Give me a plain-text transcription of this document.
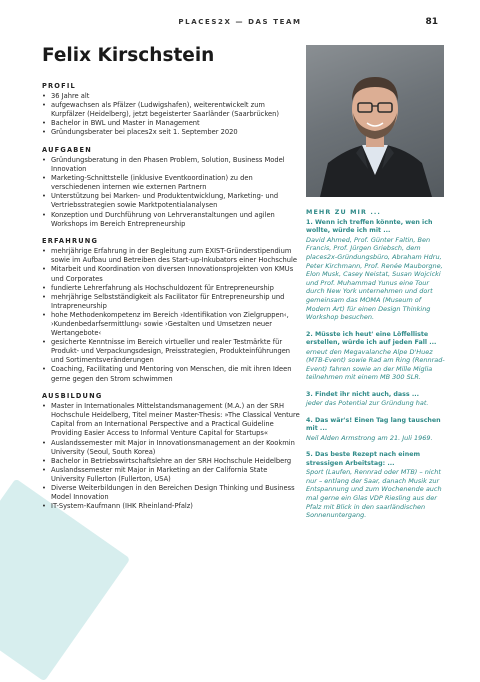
PLACES2X — DAS TEAM	81
Felix Kirschstein
PROFIL
• 36 Jahre alt
• aufgewachsen als Pfälzer (Ludwigshafen), weiterentwickelt zum Kurpfälzer (Heidelberg), jetzt begeisterter Saarländer (Saarbrücken)
• Bachelor in BWL und Master in Management
• Gründungsberater bei places2x seit 1. September 2020
AUFGABEN
• Gründungsberatung in den Phasen Problem, Solution, Business Model Innovation
• Marketing-Schnittstelle (inklusive Eventkoordination) zu den verschiedenen internen wie externen Partnern
• Unterstützung bei Marken- und Produktentwicklung, Marketing- und Vertriebsstrategien sowie Marktpotentialanalysen
• Konzeption und Durchführung von Lehrveranstaltungen und agilen Workshops im Bereich Entrepreneurship
ERFAHRUNG
• mehrjährige Erfahrung in der Begleitung zum EXIST-Gründerstipendium sowie im Aufbau und Betreiben des Start-up-Inkubators einer Hochschule
• Mitarbeit und Koordination von diversen Innovationsprojekten von KMUs und Corporates
• fundierte Lehrerfahrung als Hochschuldozent für Entrepreneurship
• mehrjährige Selbstständigkeit als Facilitator für Entrepreneurship und Intrapreneurship
• hohe Methodenkompetenz im Bereich ›Identifikation von Zielgruppen‹, ›Kundenbedarfsermittlung‹ sowie ›Gestalten und Umsetzen neuer Wertangebote‹
• gesicherte Kenntnisse im Bereich virtueller und realer Testmärkte für Produkt- und Verpackungsdesign, Preisstrategien, Produkteinführungen und Sortimentsveränderungen
• Coaching, Facilitating und Mentoring von Menschen, die mit ihren Ideen gerne gegen den Strom schwimmen
AUSBILDUNG
• Master in Internationales Mittelstandsmanagement (M.A.) an der SRH Hochschule Heidelberg, Titel meiner Master-Thesis: »The Classical Venture Capital from an International Perspective and a Practical Guideline Providing Easier Access to Informal Venture Capital for Startups«
• Auslandssemester mit Major in Innovationsmanagement an der Kookmin University (Seoul, South Korea)
• Bachelor in Betriebswirtschaftslehre an der SRH Hochschule Heidelberg
• Auslandssemester mit Major in Marketing an der California State University Fullerton (Fullerton, USA)
• Diverse Weiterbildungen in den Bereichen Design Thinking und Business Model Innovation
• IT-System-Kaufmann (IHK Rheinland-Pfalz)
MEHR ZU MIR ...
1. Wenn ich treffen könnte, wen ich wollte, würde ich mit ...
David Ahmed, Prof. Günter Faltin, Ben Francis, Prof. Jürgen Griebsch, dem places2x-Gründungsbüro, Abraham Hdru, Peter Kirchmann, Prof. Renée Mauborgne, Elon Musk, Casey Neistat, Susan Wojcicki und Prof. Muhammad Yunus eine Tour durch New York unternehmen und dort gemeinsam das MOMA (Museum of Modern Art) für einen Design Thinking Workshop besuchen.
2. Müsste ich heut' eine Löffelliste erstellen, würde ich auf jeden Fall ...
erneut den Megavalanche Alpe D'Huez (MTB-Event) sowie Rad am Ring (Rennrad-Event) fahren sowie an der Mille Miglia teilnehmen mit einem MB 300 SLR.
3. Findet ihr nicht auch, dass ...
jeder das Potential zur Gründung hat.
4. Das wär's! Einen Tag lang tauschen mit ...
Neil Alden Armstrong am 21. Juli 1969.
5. Das beste Rezept nach einem stressigen Arbeitstag: ...
Sport (Laufen, Rennrad oder MTB) – nicht nur – entlang der Saar, danach Musik zur Entspannung und zum Wochenende auch mal gerne ein Glas VDP Riesling aus der Pfalz mit Blick in den saarländischen Sonnenuntergang.
